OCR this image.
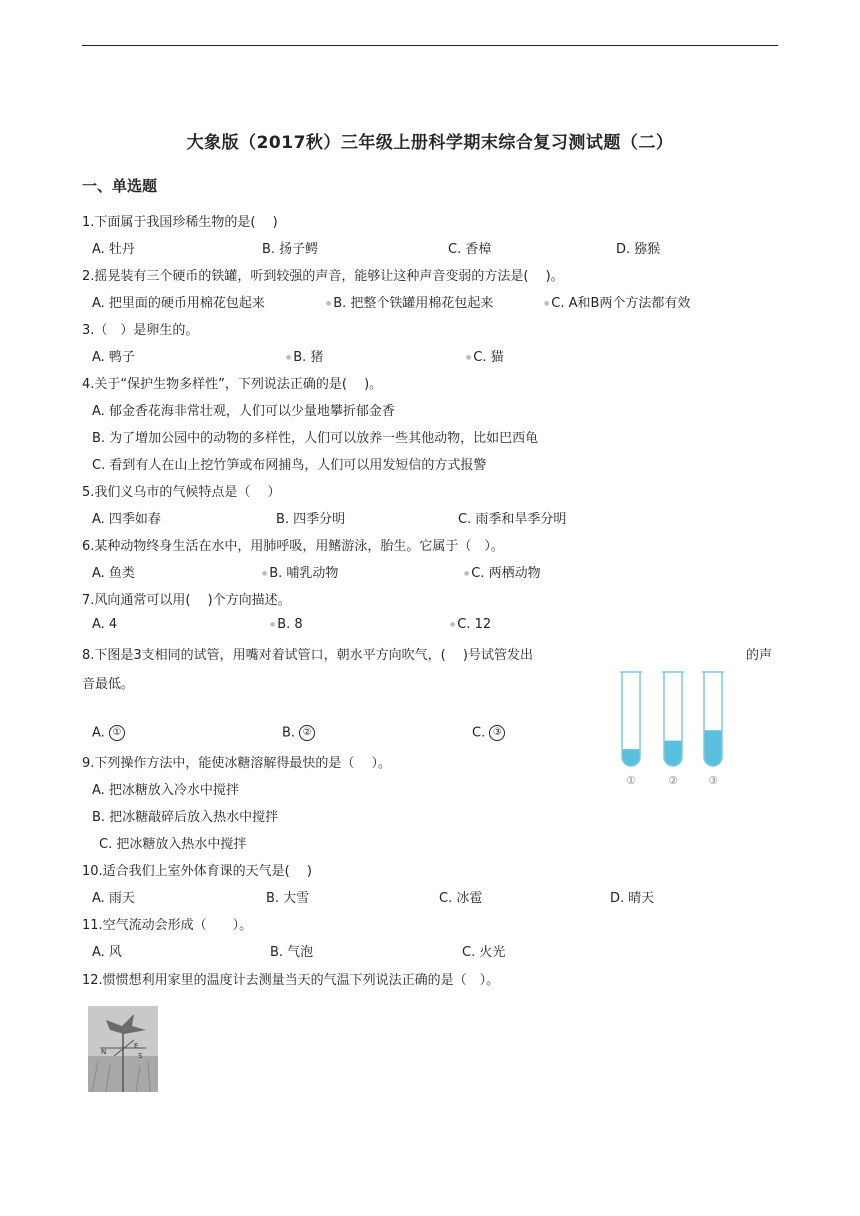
大象版（2017秋）三年级上册科学期末综合复习测试题（二）
一、单选题
1.下面属于我国珍稀生物的是(　 )
A. 牡丹	B. 扬子鳄	C. 香樟	D. 猕猴
2.摇晃装有三个硬币的铁罐，听到较强的声音，能够让这种声音变弱的方法是(　 )。
A. 把里面的硬币用棉花包起来	● B. 把整个铁罐用棉花包起来	● C. A和B两个方法都有效
3.（　）是卵生的。
A. 鸭子	● B. 猪	● C. 猫
4.关于“保护生物多样性”，下列说法正确的是(　 )。
A. 郁金香花海非常壮观，人们可以少量地攀折郁金香
B. 为了增加公园中的动物的多样性，人们可以放养一些其他动物，比如巴西龟
C. 看到有人在山上挖竹笋或布网捕鸟，人们可以用发短信的方式报警
5.我们义乌市的气候特点是（　 ）
A. 四季如春	B. 四季分明	C. 雨季和旱季分明
6.某种动物终身生活在水中，用肺呼吸，用鳍游泳，胎生。它属于（　）。
A. 鱼类	● B. 哺乳动物	● C. 两栖动物
7.风向通常可以用(　 )个方向描述。
A. 4	● B. 8	● C. 12
8.下图是3支相同的试管，用嘴对着试管口，朝水平方向吹气，(　 )号试管发出	的声
音最低。
A. ①	B. ②	C. ③
①	②	③
9.下列操作方法中，能使冰糖溶解得最快的是（　 ）。
A. 把冰糖放入冷水中搅拌
B. 把冰糖敲碎后放入热水中搅拌
C. 把冰糖放入热水中搅拌
10.适合我们上室外体育课的天气是(　 )
A. 雨天	B. 大雪	C. 冰雹	D. 晴天
11.空气流动会形成（　　）。
A. 风	B. 气泡	C. 火光
12.惯惯想利用家里的温度计去测量当天的气温下列说法正确的是（　）。
N
E
S
